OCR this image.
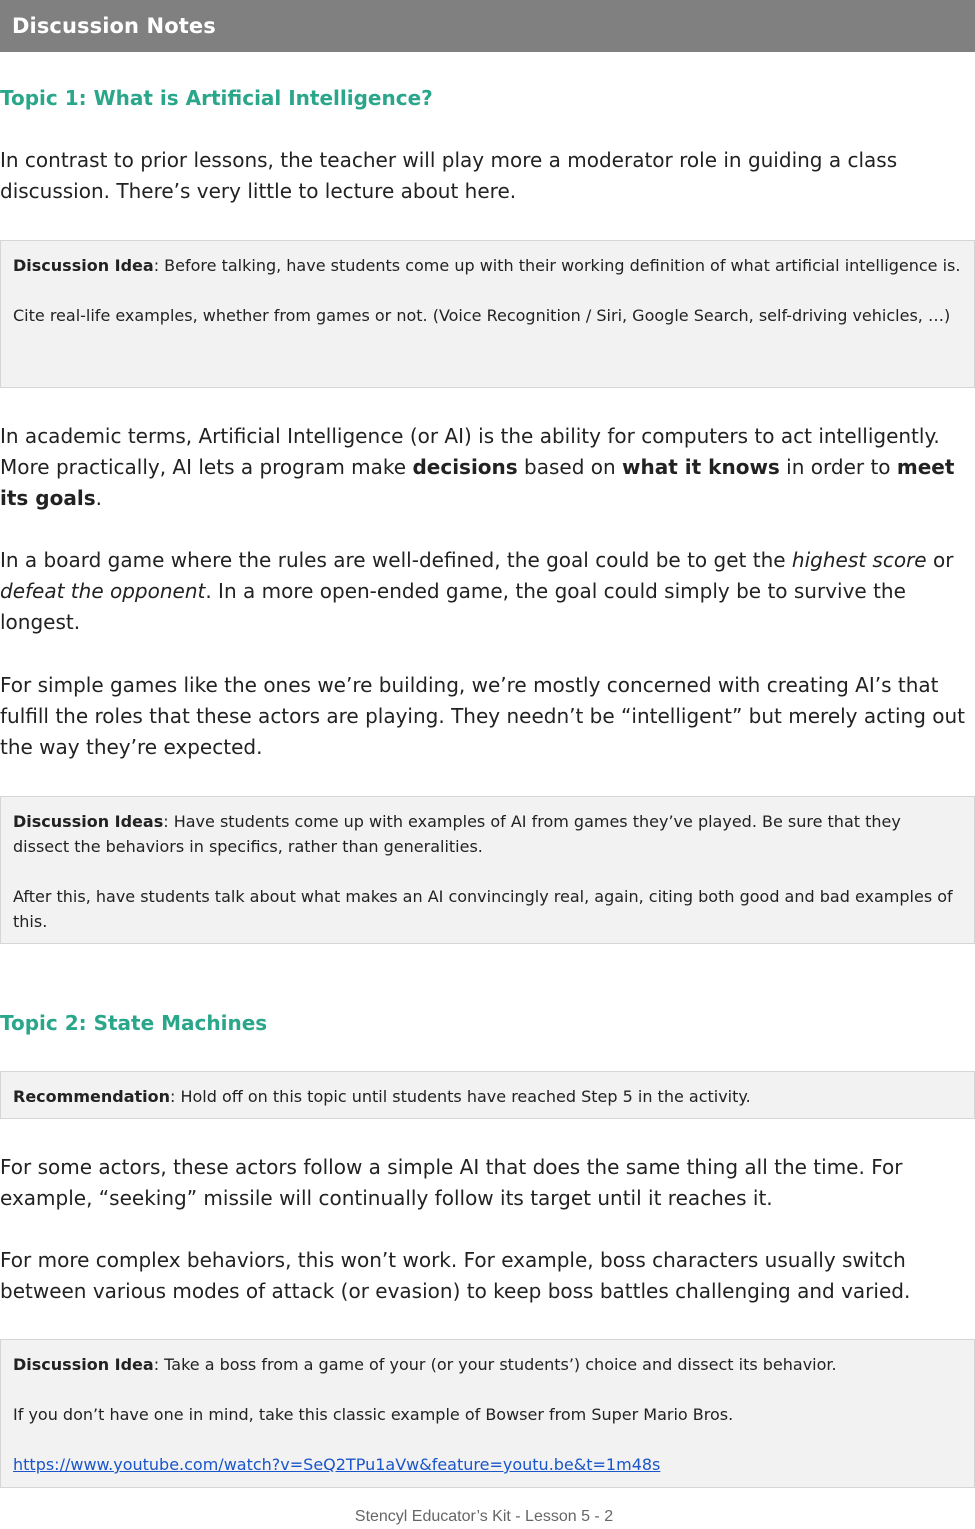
Discussion Notes
Topic 1: What is Artificial Intelligence?

In contrast to prior lessons, the teacher will play more a moderator role in guiding a class discussion. There’s very little to lecture about here.

Discussion Idea: Before talking, have students come up with their working definition of what artificial intelligence is.

Cite real-life examples, whether from games or not. (Voice Recognition / Siri, Google Search, self-driving vehicles, …)

In academic terms, Artificial Intelligence (or AI) is the ability for computers to act intelligently. More practically, AI lets a program make decisions based on what it knows in order to meet its goals.

In a board game where the rules are well-defined, the goal could be to get the highest score or defeat the opponent. In a more open-ended game, the goal could simply be to survive the longest.

For simple games like the ones we’re building, we’re mostly concerned with creating AI’s that fulfill the roles that these actors are playing. They needn’t be “intelligent” but merely acting out the way they’re expected.

Discussion Ideas: Have students come up with examples of AI from games they’ve played. Be sure that they dissect the behaviors in specifics, rather than generalities.

After this, have students talk about what makes an AI convincingly real, again, citing both good and bad examples of this.

Topic 2: State Machines

Recommendation: Hold off on this topic until students have reached Step 5 in the activity.

For some actors, these actors follow a simple AI that does the same thing all the time. For example, “seeking” missile will continually follow its target until it reaches it.

For more complex behaviors, this won’t work. For example, boss characters usually switch between various modes of attack (or evasion) to keep boss battles challenging and varied.

Discussion Idea: Take a boss from a game of your (or your students’) choice and dissect its behavior.

If you don’t have one in mind, take this classic example of Bowser from Super Mario Bros.

https://www.youtube.com/watch?v=SeQ2TPu1aVw&feature=youtu.be&t=1m48s

Stencyl Educator’s Kit - Lesson 5 - 2
